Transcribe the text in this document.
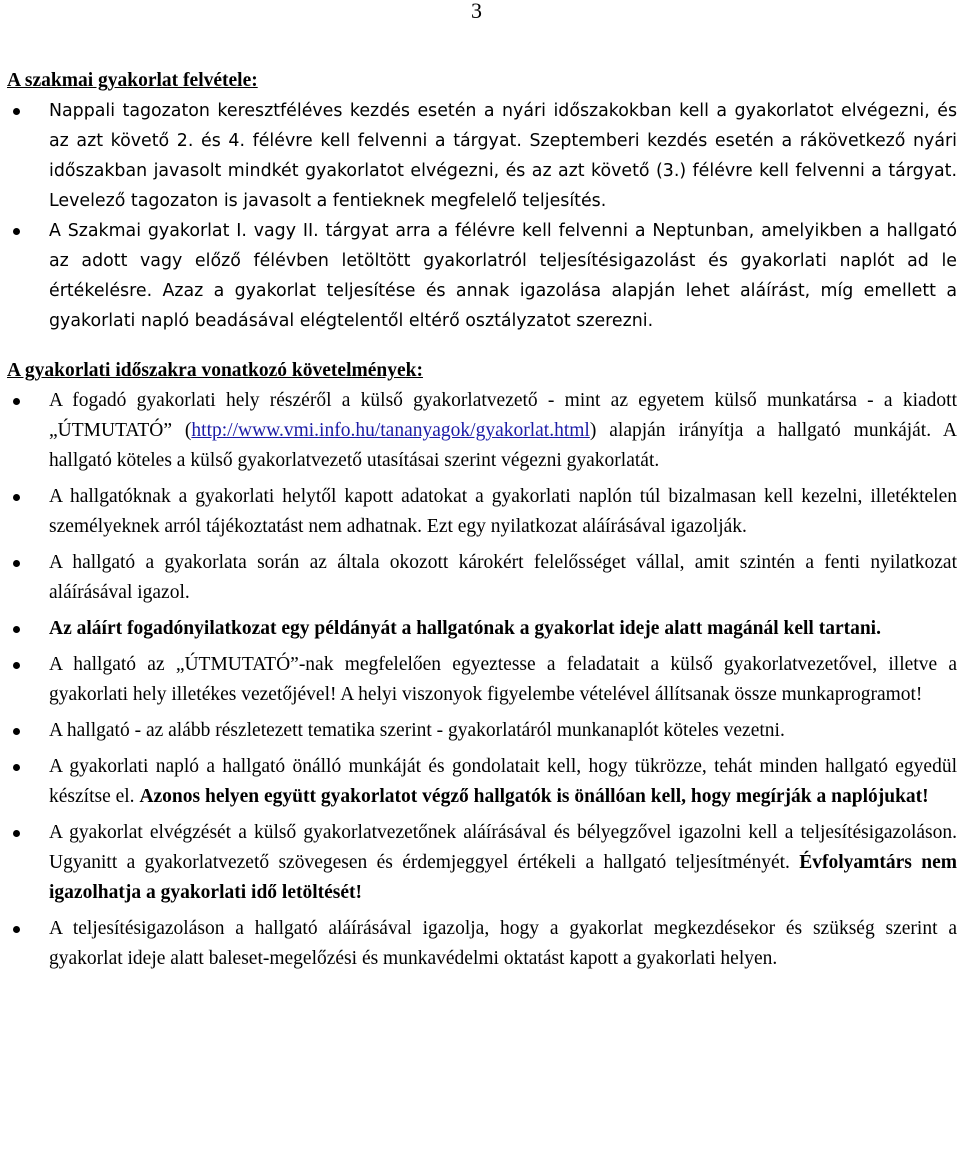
3
A szakmai gyakorlat felvétele:
Nappali tagozaton keresztféléves kezdés esetén a nyári időszakokban kell a gyakorlatot elvégezni, és az azt követő 2. és 4. félévre kell felvenni a tárgyat. Szeptemberi kezdés esetén a rákövetkező nyári időszakban javasolt mindkét gyakorlatot elvégezni, és az azt követő (3.) félévre kell felvenni a tárgyat. Levelező tagozaton is javasolt a fentieknek megfelelő teljesítés.
A Szakmai gyakorlat I. vagy II. tárgyat arra a félévre kell felvenni a Neptunban, amelyikben a hallgató az adott vagy előző félévben letöltött gyakorlatról teljesítésigazolást és gyakorlati naplót ad le értékelésre. Azaz a gyakorlat teljesítése és annak igazolása alapján lehet aláírást, míg emellett a gyakorlati napló beadásával elégtelentől eltérő osztályzatot szerezni.
A gyakorlati időszakra vonatkozó követelmények:
A fogadó gyakorlati hely részéről a külső gyakorlatvezető - mint az egyetem külső munkatársa - a kiadott „ÚTMUTATÓ” (http://www.vmi.info.hu/tananyagok/gyakorlat.html) alapján irányítja a hallgató munkáját. A hallgató köteles a külső gyakorlatvezető utasításai szerint végezni gyakorlatát.
A hallgatóknak a gyakorlati helytől kapott adatokat a gyakorlati naplón túl bizalmasan kell kezelni, illetéktelen személyeknek arról tájékoztatást nem adhatnak. Ezt egy nyilatkozat aláírásával igazolják.
A hallgató a gyakorlata során az általa okozott károkért felelősséget vállal, amit szintén a fenti nyilatkozat aláírásával igazol.
Az aláírt fogadónyilatkozat egy példányát a hallgatónak a gyakorlat ideje alatt magánál kell tartani.
A hallgató az „ÚTMUTATÓ”-nak megfelelően egyeztesse a feladatait a külső gyakorlatvezetővel, illetve a gyakorlati hely illetékes vezetőjével! A helyi viszonyok figyelembe vételével állítsanak össze munkaprogramot!
A hallgató - az alább részletezett tematika szerint - gyakorlatáról munkanaplót köteles vezetni.
A gyakorlati napló a hallgató önálló munkáját és gondolatait kell, hogy tükrözze, tehát minden hallgató egyedül készítse el. Azonos helyen együtt gyakorlatot végző hallgatók is önállóan kell, hogy megírják a naplójukat!
A gyakorlat elvégzését a külső gyakorlatvezetőnek aláírásával és bélyegzővel igazolni kell a teljesítésigazoláson. Ugyanitt a gyakorlatvezető szövegesen és érdemjeggyel értékeli a hallgató teljesítményét. Évfolyamtárs nem igazolhatja a gyakorlati idő letöltését!
A teljesítésigazoláson a hallgató aláírásával igazolja, hogy a gyakorlat megkezdésekor és szükség szerint a gyakorlat ideje alatt baleset-megelőzési és munkavédelmi oktatást kapott a gyakorlati helyen.
